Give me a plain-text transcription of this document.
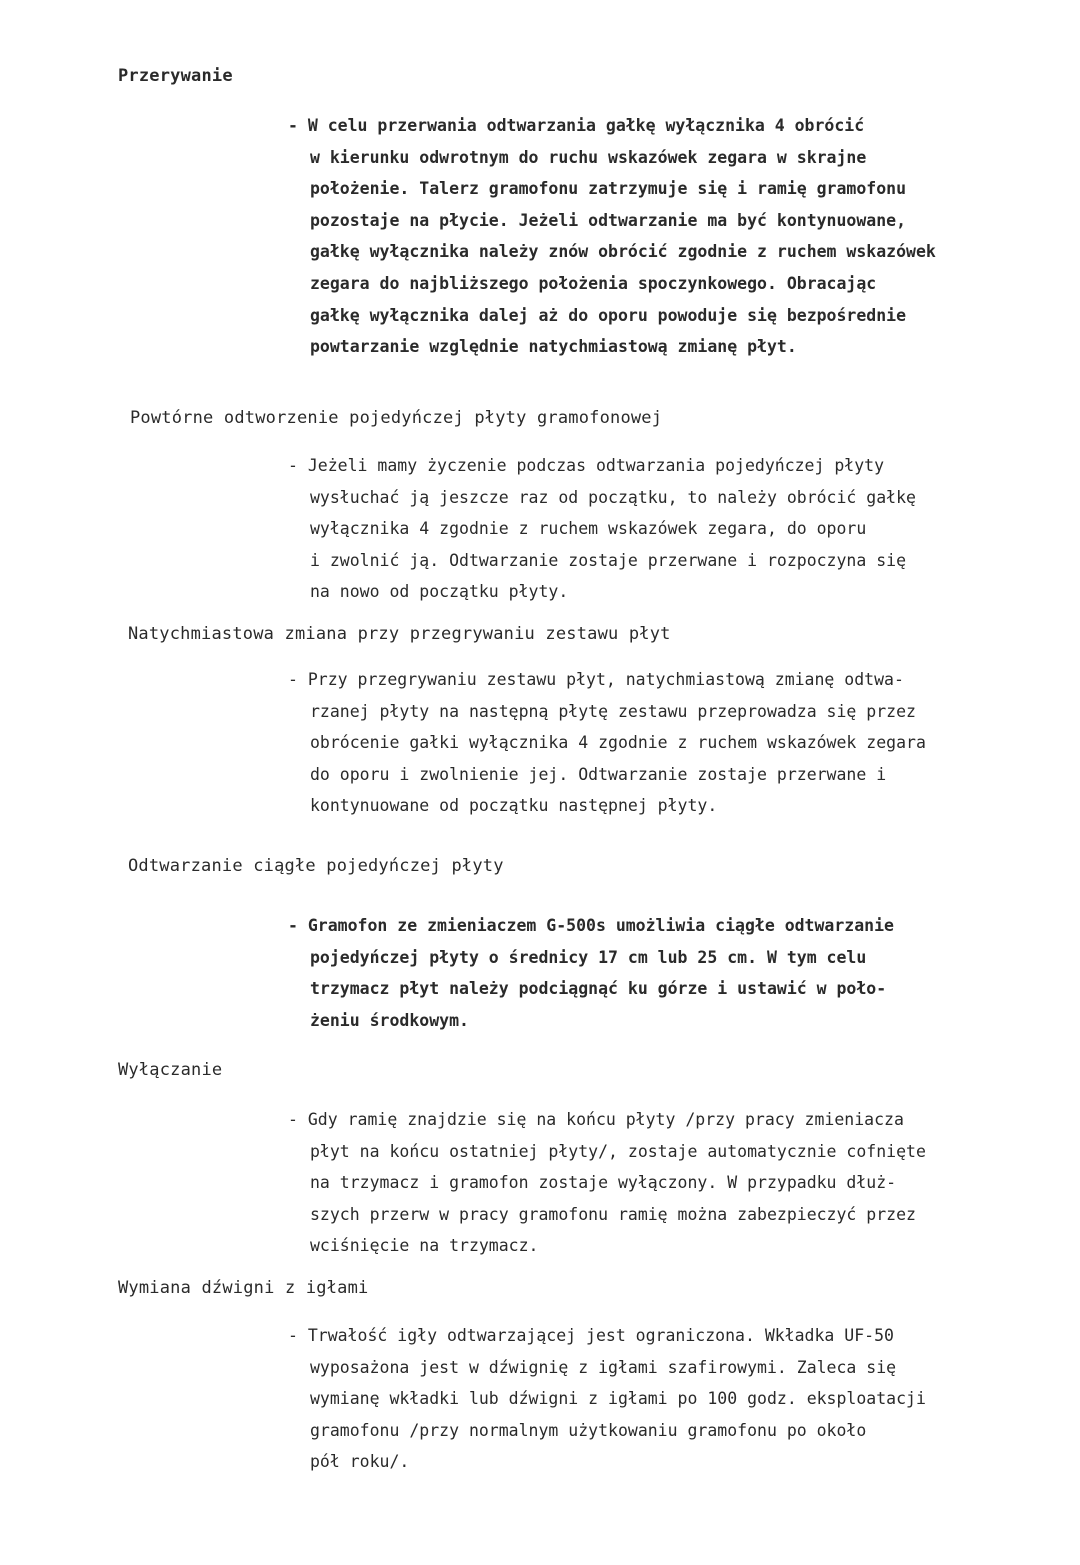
Przerywanie
- W celu przerwania odtwarzania gałkę wyłącznika 4 obrócić
w kierunku odwrotnym do ruchu wskazówek zegara w skrajne
położenie. Talerz gramofonu zatrzymuje się i ramię gramofonu
pozostaje na płycie. Jeżeli odtwarzanie ma być kontynuowane,
gałkę wyłącznika należy znów obrócić zgodnie z ruchem wskazówek
zegara do najbliższego położenia spoczynkowego. Obracając
gałkę wyłącznika dalej aż do oporu powoduje się bezpośrednie
powtarzanie względnie natychmiastową zmianę płyt.
Powtórne odtworzenie pojedyńczej płyty gramofonowej
- Jeżeli mamy życzenie podczas odtwarzania pojedyńczej płyty
wysłuchać ją jeszcze raz od początku, to należy obrócić gałkę
wyłącznika 4 zgodnie z ruchem wskazówek zegara, do oporu
i zwolnić ją. Odtwarzanie zostaje przerwane i rozpoczyna się
na nowo od początku płyty.
Natychmiastowa zmiana przy przegrywaniu zestawu płyt
- Przy przegrywaniu zestawu płyt, natychmiastową zmianę odtwa-
rzanej płyty na następną płytę zestawu przeprowadza się przez
obrócenie gałki wyłącznika 4 zgodnie z ruchem wskazówek zegara
do oporu i zwolnienie jej. Odtwarzanie zostaje przerwane i
kontynuowane od początku następnej płyty.
Odtwarzanie ciągłe pojedyńczej płyty
- Gramofon ze zmieniaczem G-500s umożliwia ciągłe odtwarzanie
pojedyńczej płyty o średnicy 17 cm lub 25 cm. W tym celu
trzymacz płyt należy podciągnąć ku górze i ustawić w poło-
żeniu środkowym.
Wyłączanie
- Gdy ramię znajdzie się na końcu płyty /przy pracy zmieniacza
płyt na końcu ostatniej płyty/, zostaje automatycznie cofnięte
na trzymacz i gramofon zostaje wyłączony. W przypadku dłuż-
szych przerw w pracy gramofonu ramię można zabezpieczyć przez
wciśnięcie na trzymacz.
Wymiana dźwigni z igłami
- Trwałość igły odtwarzającej jest ograniczona. Wkładka UF-50
wyposażona jest w dźwignię z igłami szafirowymi. Zaleca się
wymianę wkładki lub dźwigni z igłami po 100 godz. eksploatacji
gramofonu /przy normalnym użytkowaniu gramofonu po około
pół roku/.
